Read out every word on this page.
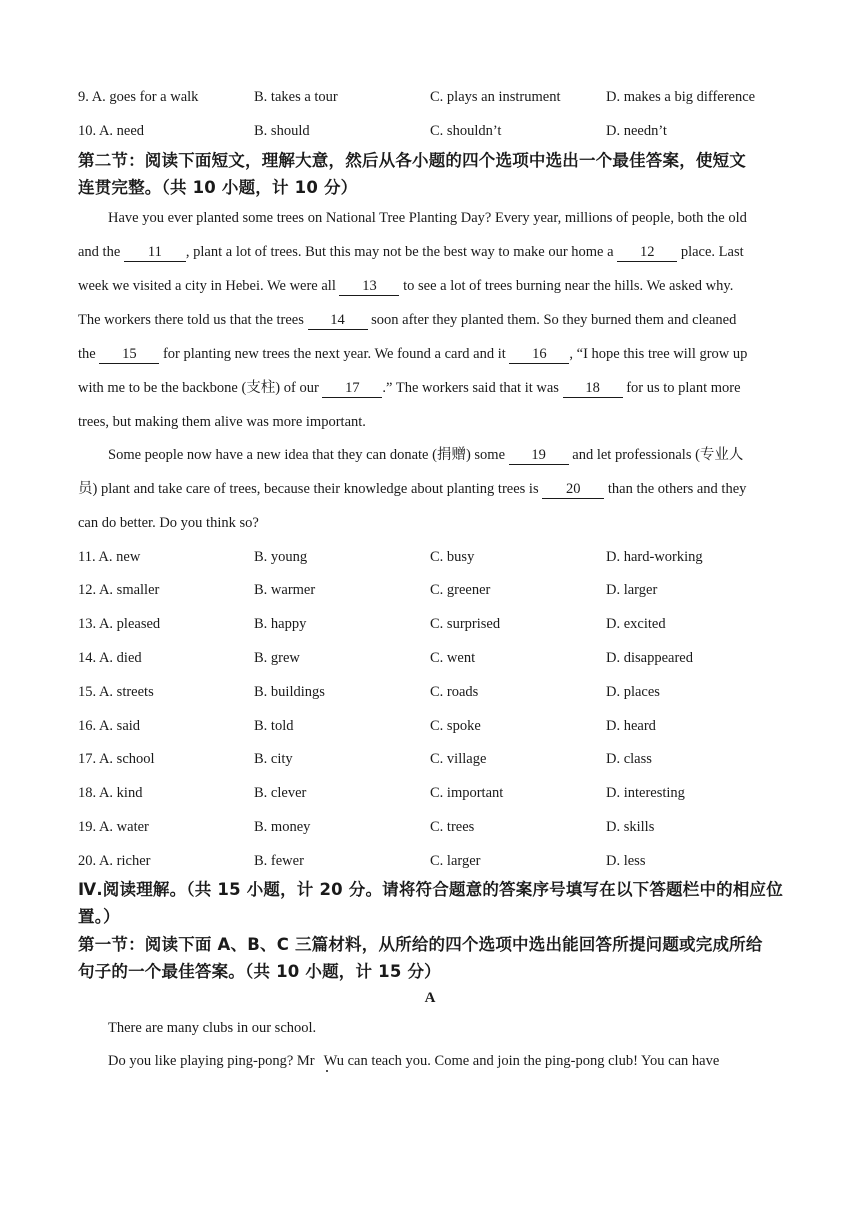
9. A. goes for a walk	B. takes a tour	C. plays an instrument	D. makes a big difference
10. A. need	B. should	C. shouldn’t	D. needn’t
第二节：阅读下面短文，理解大意，然后从各小题的四个选项中选出一个最佳答案，使短文
连贯完整。（共 10 小题，计 10 分）
Have you ever planted some trees on National Tree Planting Day? Every year, millions of people, both the old
and the 11 , plant a lot of trees. But this may not be the best way to make our home a 12 place. Last
week we visited a city in Hebei. We were all 13 to see a lot of trees burning near the hills. We asked why.
The workers there told us that the trees 14 soon after they planted them. So they burned them and cleaned
the 15 for planting new trees the next year. We found a card and it 16 , “I hope this tree will grow up
with me to be the backbone (支柱) of our 17 .” The workers said that it was 18 for us to plant more
trees, but making them alive was more important.
Some people now have a new idea that they can donate (捐赠) some 19 and let professionals (专业人
员) plant and take care of trees, because their knowledge about planting trees is 20 than the others and they
can do better. Do you think so?
11. A. new	B. young	C. busy	D. hard-working
12. A. smaller	B. warmer	C. greener	D. larger
13. A. pleased	B. happy	C. surprised	D. excited
14. A. died	B. grew	C. went	D. disappeared
15. A. streets	B. buildings	C. roads	D. places
16. A. said	B. told	C. spoke	D. heard
17. A. school	B. city	C. village	D. class
18. A. kind	B. clever	C. important	D. interesting
19. A. water	B. money	C. trees	D. skills
20. A. richer	B. fewer	C. larger	D. less
Ⅳ.阅读理解。（共 15 小题，计 20 分。请将符合题意的答案序号填写在以下答题栏中的相应位
置。）
第一节：阅读下面 A、B、C 三篇材料，从所给的四个选项中选出能回答所提问题或完成所给
句子的一个最佳答案。（共 10 小题，计 15 分）
A
There are many clubs in our school.
Do you like playing ping-pong? Mr Wu can teach you. Come and join the ping-pong club! You can have
